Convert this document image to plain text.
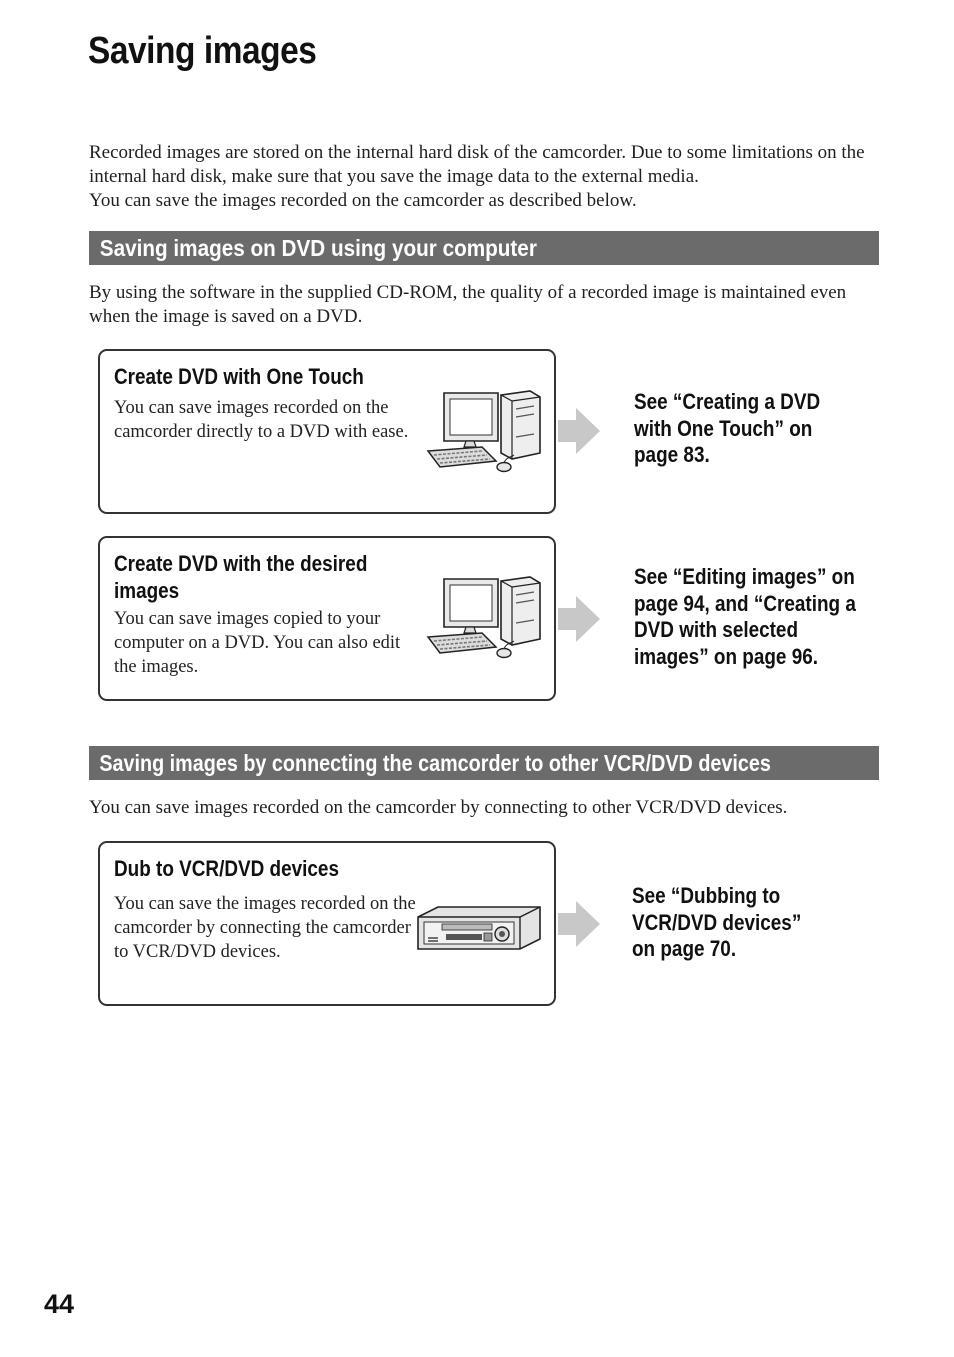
Saving images
Recorded images are stored on the internal hard disk of the camcorder. Due to some limitations on the internal hard disk, make sure that you save the image data to the external media.
You can save the images recorded on the camcorder as described below.
Saving images on DVD using your computer
By using the software in the supplied CD-ROM, the quality of a recorded image is maintained even when the image is saved on a DVD.
Create DVD with One Touch
You can save images recorded on the camcorder directly to a DVD with ease.
See “Creating a DVD with One Touch” on page 83.
Create DVD with the desired images
You can save images copied to your computer on a DVD. You can also edit the images.
See “Editing images” on page 94, and “Creating a DVD with selected images” on page 96.
Saving images by connecting the camcorder to other VCR/DVD devices
You can save images recorded on the camcorder by connecting to other VCR/DVD devices.
Dub to VCR/DVD devices
You can save the images recorded on the camcorder by connecting the camcorder to VCR/DVD devices.
See “Dubbing to VCR/DVD devices” on page 70.
44
